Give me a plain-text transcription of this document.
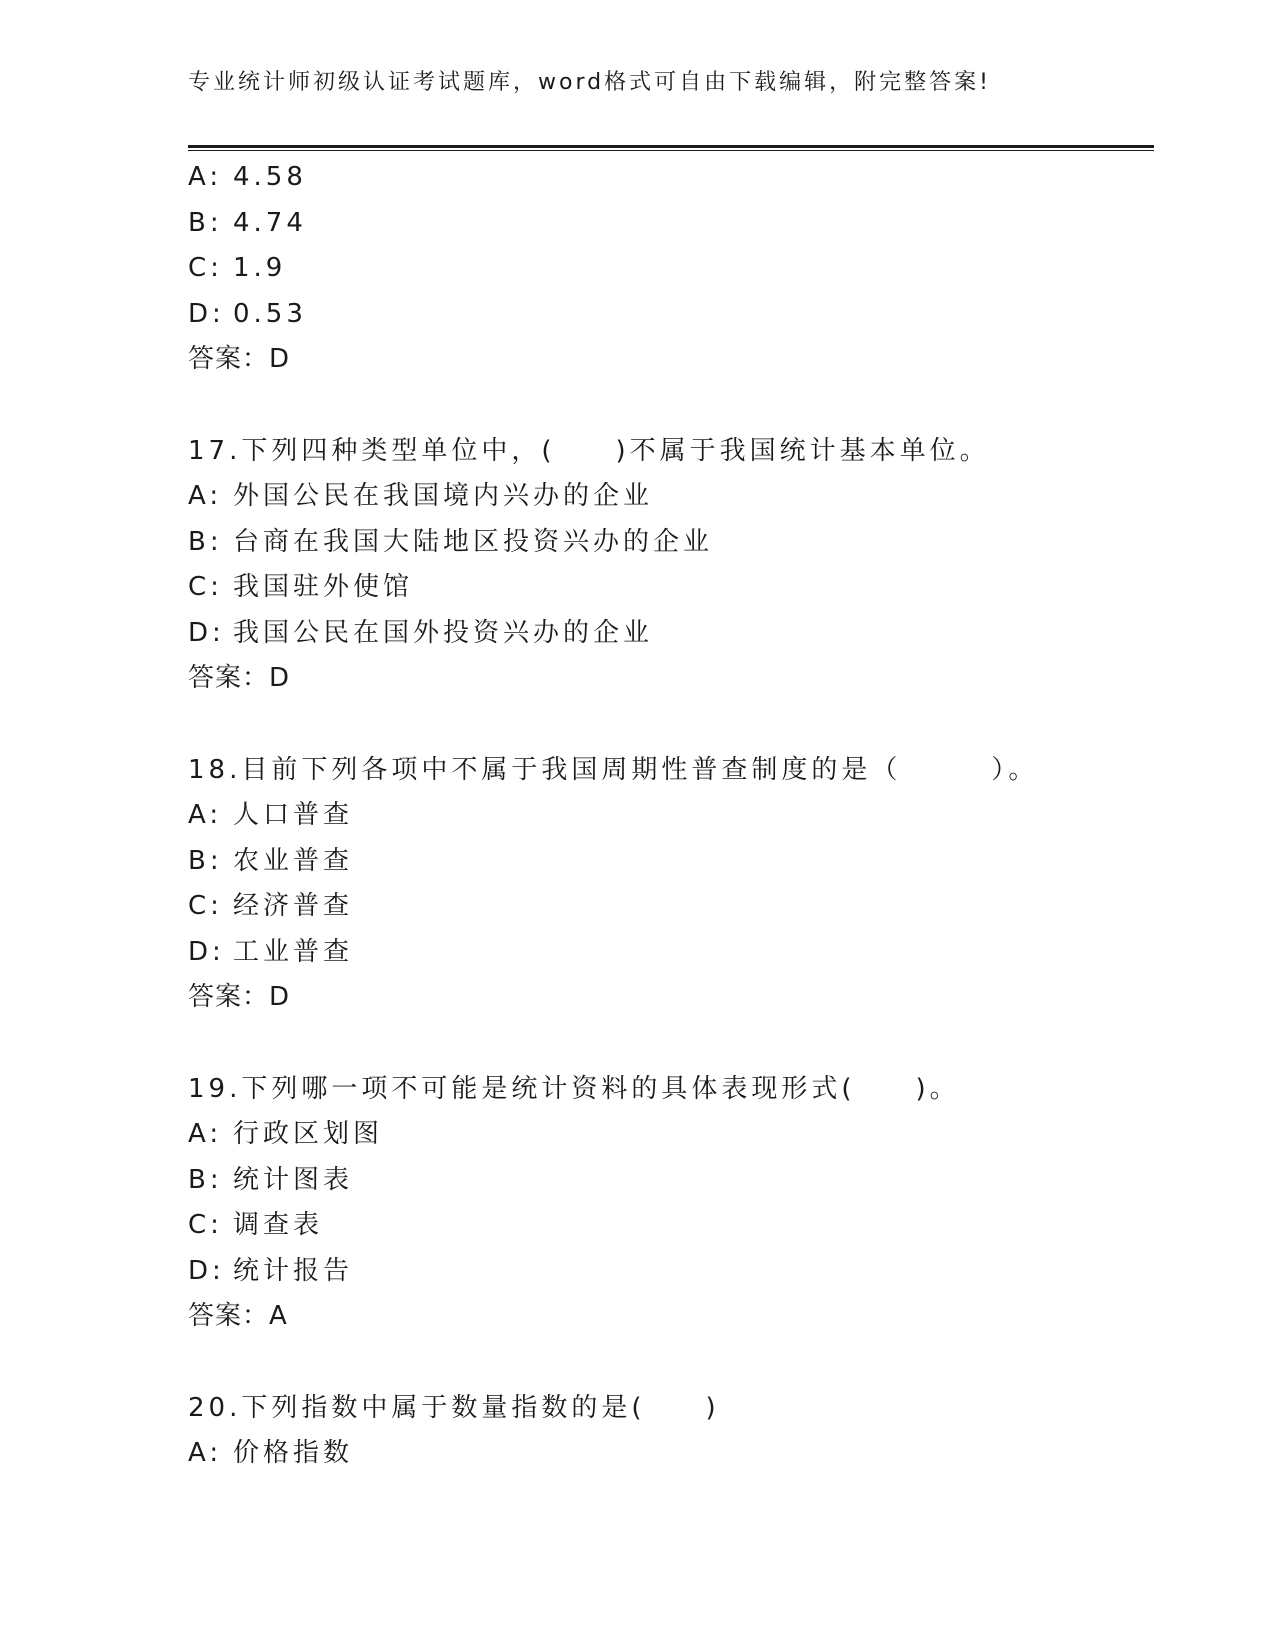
专业统计师初级认证考试题库，word格式可自由下载编辑，附完整答案!
A: 4.58
B: 4.74
C: 1.9
D: 0.53
答案：D
17.下列四种类型单位中，(　　)不属于我国统计基本单位。
A: 外国公民在我国境内兴办的企业
B: 台商在我国大陆地区投资兴办的企业
C: 我国驻外使馆
D: 我国公民在国外投资兴办的企业
答案：D
18.目前下列各项中不属于我国周期性普查制度的是（　　　）。
A: 人口普查
B: 农业普查
C: 经济普查
D: 工业普查
答案：D
19.下列哪一项不可能是统计资料的具体表现形式(　　)。
A: 行政区划图
B: 统计图表
C: 调查表
D: 统计报告
答案：A
20.下列指数中属于数量指数的是(　　)
A: 价格指数
